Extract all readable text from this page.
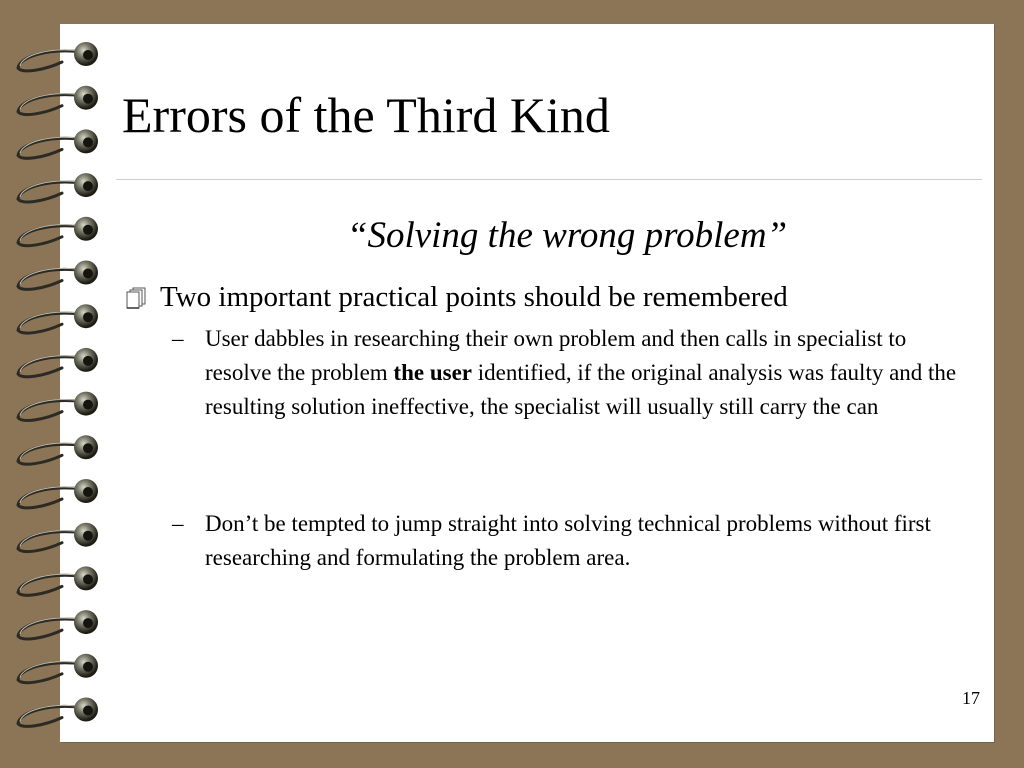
Errors of the Third Kind

“Solving the wrong problem”

Two important practical points should be remembered
– User dabbles in researching their own problem and then calls in specialist to resolve the problem the user identified, if the original analysis was faulty and the resulting solution ineffective, the specialist will usually still carry the can
– Don’t be tempted to jump straight into solving technical problems without first researching and formulating the problem area.
17
